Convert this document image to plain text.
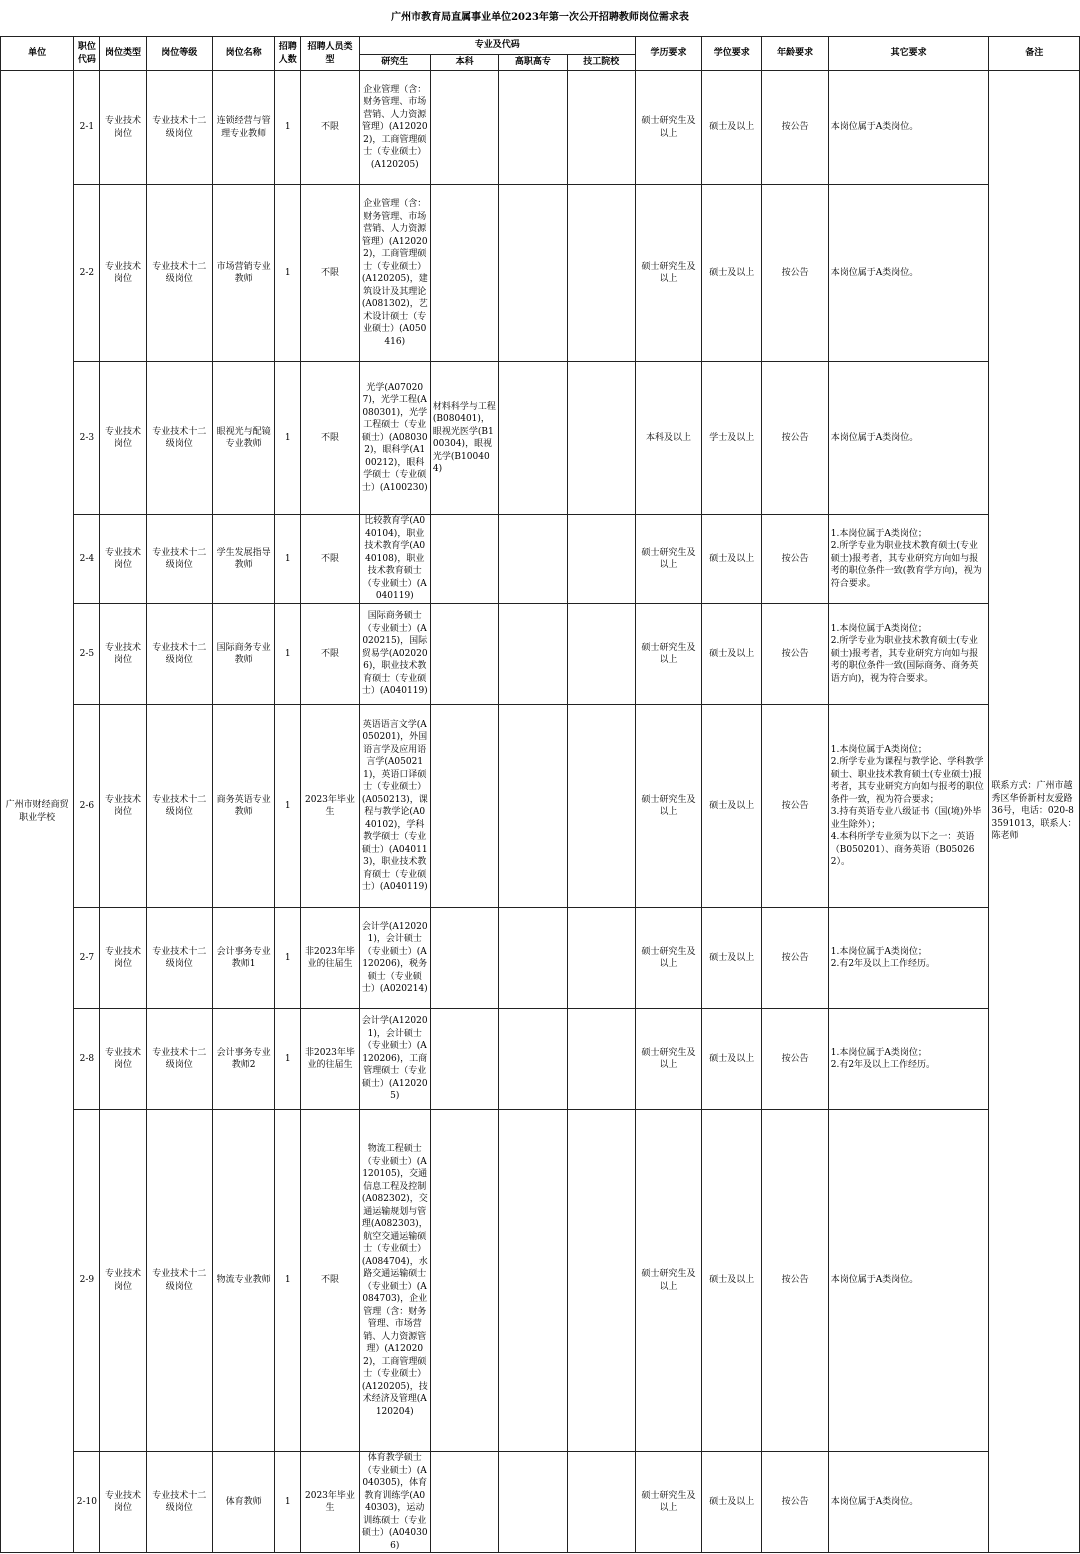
广州市教育局直属事业单位2023年第一次公开招聘教师岗位需求表
单位	职位代码	岗位类型	岗位等级	岗位名称	招聘人数	招聘人员类型	专业及代码				学历要求	学位要求	年龄要求	其它要求	备注
							研究生	本科	高职高专	技工院校					
广州市财经商贸职业学校	2-1	专业技术岗位	专业技术十二级岗位	连锁经营与管理专业教师	1	不限	企业管理（含：财务管理、市场营销、人力资源管理）(A120202)，工商管理硕士（专业硕士）(A120205)				硕士研究生及以上	硕士及以上	按公告	本岗位属于A类岗位。	联系方式：广州市越秀区华侨新村友爱路36号，电话：020-83591013，联系人：陈老师
	2-2	专业技术岗位	专业技术十二级岗位	市场营销专业教师	1	不限	企业管理（含：财务管理、市场营销、人力资源管理）(A120202)，工商管理硕士（专业硕士）(A120205)，建筑设计及其理论(A081302)，艺术设计硕士（专业硕士）(A050416)				硕士研究生及以上	硕士及以上	按公告	本岗位属于A类岗位。	
	2-3	专业技术岗位	专业技术十二级岗位	眼视光与配镜专业教师	1	不限	光学(A070207)，光学工程(A080301)，光学工程硕士（专业硕士）(A080302)，眼科学(A100212)，眼科学硕士（专业硕士）(A100230)	材料科学与工程(B080401)，眼视光医学(B100304)，眼视光学(B100404)			本科及以上	学士及以上	按公告	本岗位属于A类岗位。	
	2-4	专业技术岗位	专业技术十二级岗位	学生发展指导教师	1	不限	比较教育学(A040104)，职业技术教育学(A040108)，职业技术教育硕士（专业硕士）(A040119)				硕士研究生及以上	硕士及以上	按公告	1.本岗位属于A类岗位；
2.所学专业为职业技术教育硕士(专业硕士)报考者，其专业研究方向如与报考的职位条件一致(教育学方向)，视为符合要求。	
	2-5	专业技术岗位	专业技术十二级岗位	国际商务专业教师	1	不限	国际商务硕士（专业硕士）(A020215)，国际贸易学(A020206)，职业技术教育硕士（专业硕士）(A040119)				硕士研究生及以上	硕士及以上	按公告	1.本岗位属于A类岗位；
2.所学专业为职业技术教育硕士(专业硕士)报考者，其专业研究方向如与报考的职位条件一致(国际商务、商务英语方向)，视为符合要求。	
	2-6	专业技术岗位	专业技术十二级岗位	商务英语专业教师	1	2023年毕业生	英语语言文学(A050201)，外国语言学及应用语言学(A050211)，英语口译硕士（专业硕士）(A050213)，课程与教学论(A040102)，学科教学硕士（专业硕士）(A040113)，职业技术教育硕士（专业硕士）(A040119)				硕士研究生及以上	硕士及以上	按公告	1.本岗位属于A类岗位；
2.所学专业为课程与教学论、学科教学硕士、职业技术教育硕士(专业硕士)报考者，其专业研究方向如与报考的职位条件一致，视为符合要求；
3.持有英语专业八级证书（国(境)外毕业生除外）；
4.本科所学专业须为以下之一：英语（B050201）、商务英语（B050262）。	
	2-7	专业技术岗位	专业技术十二级岗位	会计事务专业教师1	1	非2023年毕业的往届生	会计学(A120201)，会计硕士（专业硕士）(A120206)，税务硕士（专业硕士）(A020214)				硕士研究生及以上	硕士及以上	按公告	1.本岗位属于A类岗位；
2.有2年及以上工作经历。	
	2-8	专业技术岗位	专业技术十二级岗位	会计事务专业教师2	1	非2023年毕业的往届生	会计学(A120201)，会计硕士（专业硕士）(A120206)，工商管理硕士（专业硕士）(A120205)				硕士研究生及以上	硕士及以上	按公告	1.本岗位属于A类岗位；
2.有2年及以上工作经历。	
	2-9	专业技术岗位	专业技术十二级岗位	物流专业教师	1	不限	物流工程硕士（专业硕士）(A120105)，交通信息工程及控制(A082302)，交通运输规划与管理(A082303)，航空交通运输硕士（专业硕士）(A084704)，水路交通运输硕士（专业硕士）(A084703)，企业管理（含：财务管理、市场营销、人力资源管理）(A120202)，工商管理硕士（专业硕士）(A120205)，技术经济及管理(A120204)				硕士研究生及以上	硕士及以上	按公告	本岗位属于A类岗位。	
	2-10	专业技术岗位	专业技术十二级岗位	体育教师	1	2023年毕业生	体育教学硕士（专业硕士）(A040305)，体育教育训练学(A040303)，运动训练硕士（专业硕士）(A040306)				硕士研究生及以上	硕士及以上	按公告	本岗位属于A类岗位。	
